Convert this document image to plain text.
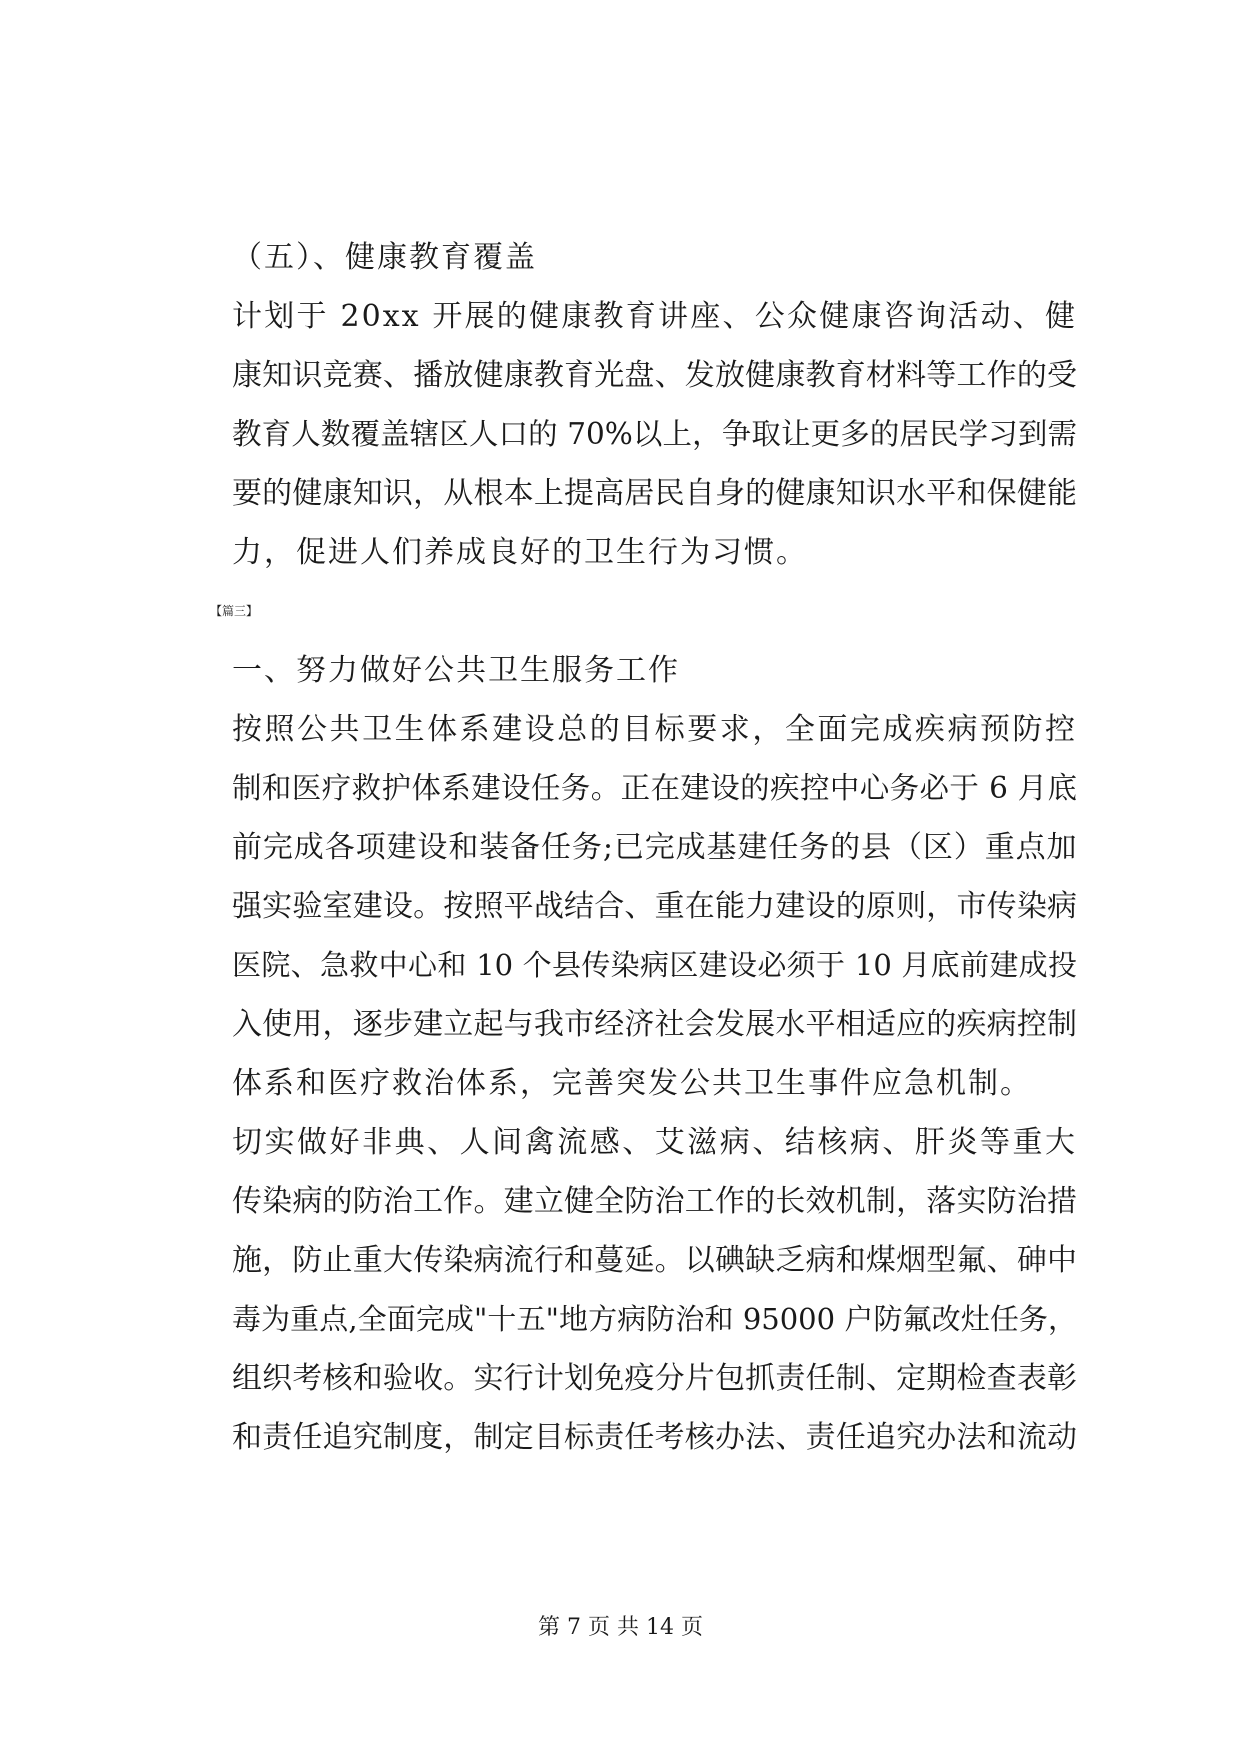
（五）、健康教育覆盖
计划于 20xx 开展的健康教育讲座、公众健康咨询活动、健
康知识竞赛、播放健康教育光盘、发放健康教育材料等工作的受
教育人数覆盖辖区人口的 70%以上，争取让更多的居民学习到需
要的健康知识，从根本上提高居民自身的健康知识水平和保健能
力，促进人们养成良好的卫生行为习惯。
【篇三】
一、努力做好公共卫生服务工作
按照公共卫生体系建设总的目标要求，全面完成疾病预防控
制和医疗救护体系建设任务。正在建设的疾控中心务必于 6 月底
前完成各项建设和装备任务;已完成基建任务的县（区）重点加
强实验室建设。按照平战结合、重在能力建设的原则，市传染病
医院、急救中心和 10 个县传染病区建设必须于 10 月底前建成投
入使用，逐步建立起与我市经济社会发展水平相适应的疾病控制
体系和医疗救治体系，完善突发公共卫生事件应急机制。
切实做好非典、人间禽流感、艾滋病、结核病、肝炎等重大
传染病的防治工作。建立健全防治工作的长效机制，落实防治措
施，防止重大传染病流行和蔓延。以碘缺乏病和煤烟型氟、砷中
毒为重点,全面完成"十五"地方病防治和 95000 户防氟改灶任务，
组织考核和验收。实行计划免疫分片包抓责任制、定期检查表彰
和责任追究制度，制定目标责任考核办法、责任追究办法和流动
第 7 页 共 14 页
